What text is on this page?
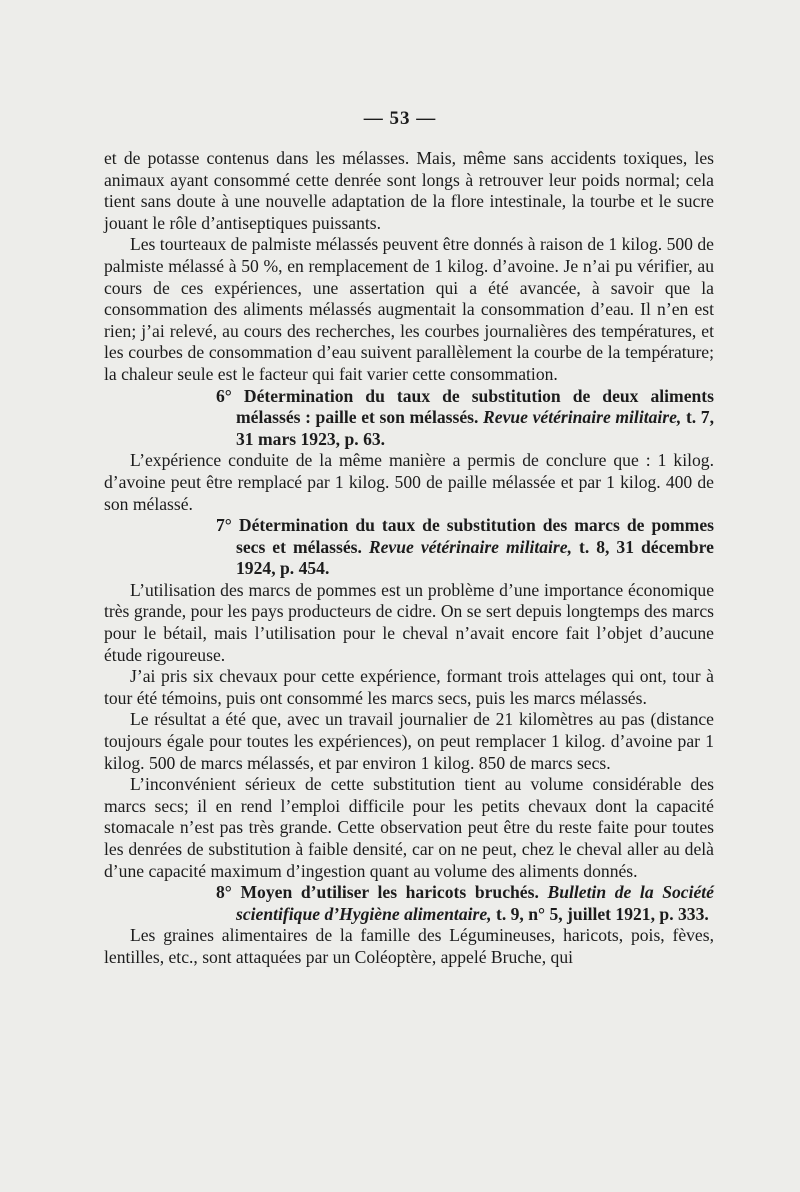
— 53 —

et de potasse contenus dans les mélasses. Mais, même sans accidents toxiques, les animaux ayant consommé cette denrée sont longs à retrouver leur poids normal; cela tient sans doute à une nouvelle adaptation de la flore intestinale, la tourbe et le sucre jouant le rôle d’antiseptiques puissants.

Les tourteaux de palmiste mélassés peuvent être donnés à raison de 1 kilog. 500 de palmiste mélassé à 50 %, en remplacement de 1 kilog. d’avoine. Je n’ai pu vérifier, au cours de ces expériences, une assertation qui a été avancée, à savoir que la consommation des aliments mélassés augmentait la consommation d’eau. Il n’en est rien; j’ai relevé, au cours des recherches, les courbes journalières des températures, et les courbes de consommation d’eau suivent parallèlement la courbe de la température; la chaleur seule est le facteur qui fait varier cette consommation.

6° Détermination du taux de substitution de deux aliments mélassés : paille et son mélassés. Revue vétérinaire militaire, t. 7, 31 mars 1923, p. 63.

L’expérience conduite de la même manière a permis de conclure que : 1 kilog. d’avoine peut être remplacé par 1 kilog. 500 de paille mélassée et par 1 kilog. 400 de son mélassé.

7° Détermination du taux de substitution des marcs de pommes secs et mélassés. Revue vétérinaire militaire, t. 8, 31 décembre 1924, p. 454.

L’utilisation des marcs de pommes est un problème d’une importance économique très grande, pour les pays producteurs de cidre. On se sert depuis longtemps des marcs pour le bétail, mais l’utilisation pour le cheval n’avait encore fait l’objet d’aucune étude rigoureuse.

J’ai pris six chevaux pour cette expérience, formant trois attelages qui ont, tour à tour été témoins, puis ont consommé les marcs secs, puis les marcs mélassés.

Le résultat a été que, avec un travail journalier de 21 kilomètres au pas (distance toujours égale pour toutes les expériences), on peut remplacer 1 kilog. d’avoine par 1 kilog. 500 de marcs mélassés, et par environ 1 kilog. 850 de marcs secs.

L’inconvénient sérieux de cette substitution tient au volume considérable des marcs secs; il en rend l’emploi difficile pour les petits chevaux dont la capacité stomacale n’est pas très grande. Cette observation peut être du reste faite pour toutes les denrées de substitution à faible densité, car on ne peut, chez le cheval aller au delà d’une capacité maximum d’ingestion quant au volume des aliments donnés.

8° Moyen d’utiliser les haricots bruchés. Bulletin de la Société scientifique d’Hygiène alimentaire, t. 9, n° 5, juillet 1921, p. 333.

Les graines alimentaires de la famille des Légumineuses, haricots, pois, fèves, lentilles, etc., sont attaquées par un Coléoptère, appelé Bruche, qui
